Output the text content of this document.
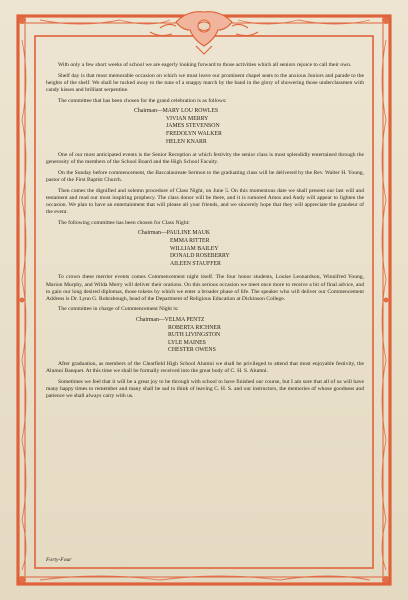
With only a few short weeks of school we are eagerly looking forward to those activities which all seniors rejoice to call their own.

Shelf day is that most memorable occasion on which we must leave our prominent chapel seats to the anxious Juniors and parade to the heights of the shelf. We shall be tucked away to the tune of a snappy march by the band in the glory of showering those underclassmen with candy kisses and brilliant serpentine.

The committee that has been chosen for the grand celebration is as follows:

Chairman—MARY LOU ROWLES
VIVIAN MERRY
JAMES STEVENSON
FREDOLYN WALKER
HELEN KNARR

One of our most anticipated events is the Senior Reception at which festivity the senior class is most splendidly entertained through the generosity of the members of the School Board and the High School Faculty.

On the Sunday before commencement, the Baccalaureate Sermon to the graduating class will be delivered by the Rev. Walter H. Young, pastor of the First Baptist Church.

Then comes the dignified and solemn procedure of Class Night, on June 5. On this momentous date we shall present our last will and testament and read our most inspiring prophecy. The class donor will be there, and it is rumored Amos and Andy will appear to lighten the occasion. We plan to have an entertainment that will please all your friends, and we sincerely hope that they will appreciate the grandeur of the event.

The following committee has been chosen for Class Night:

Chairman—PAULINE MAUK
EMMA RITTER
WILLIAM BAILEY
DONALD ROSEBERRY
AILEEN STAUFFER

To crown these merrier events comes Commencement night itself. The four honor students, Louise Leonardson, Winnifred Young, Marion Murphy, and Wilda Merry will deliver their orations. On this serious occasion we meet once more to receive a bit of final advice, and to gain our long desired diplomas, those tokens by which we enter a broader phase of life. The speaker who will deliver our Commencement Address is Dr. Lynn G. Rohrabough, head of the Department of Religious Education at Dickinson College.

The committee in charge of Commencement Night is:

Chairman—VELMA PENTZ
ROBERTA RICHNER
RUTH LIVINGSTON
LYLE MAINES
CHESTER OWENS

After graduation, as members of the Clearfield High School Alumni we shall be privileged to attend that most enjoyable festivity, the Alumni Banquet. At this time we shall be formally received into the great body of C. H. S. Alumni.

Sometimes we feel that it will be a great joy to be through with school to have finished our course, but I am sure that all of us will have many happy times to remember and many shall be sad to think of leaving C. H. S. and our instructors, the memories of whose goodness and patience we shall always carry with us.

Forty-Four
